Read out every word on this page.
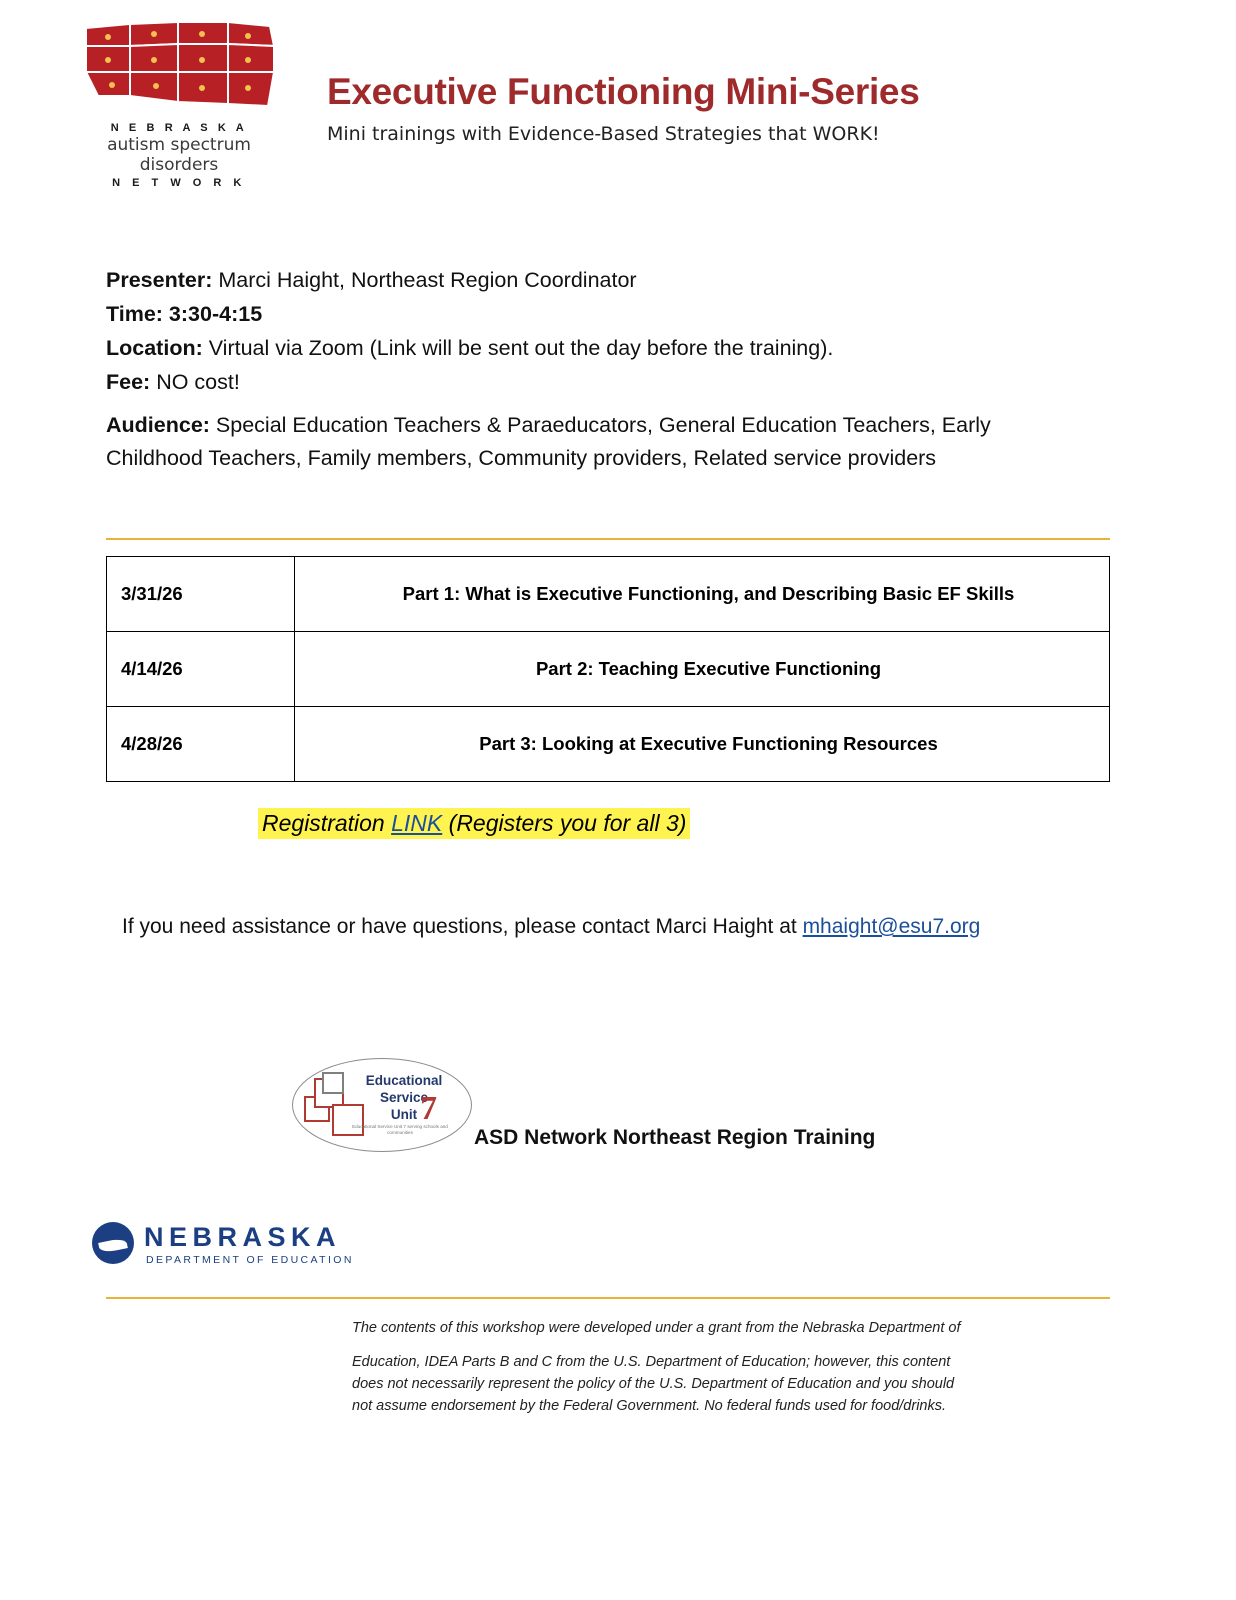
N E B R A S K A
autism spectrum disorders
N E T W O R K
Executive Functioning Mini-Series

Mini trainings with Evidence-Based Strategies that WORK!

Presenter: Marci Haight, Northeast Region Coordinator
Time: 3:30-4:15
Location: Virtual via Zoom (Link will be sent out the day before the training).
Fee: NO cost!
Audience: Special Education Teachers & Paraeducators, General Education Teachers, Early Childhood Teachers, Family members, Community providers, Related service providers
3/31/26	Part 1: What is Executive Functioning, and Describing Basic EF Skills
4/14/26	Part 2: Teaching Executive Functioning
4/28/26	Part 3: Looking at Executive Functioning Resources
Registration LINK (Registers you for all 3)
If you need assistance or have questions, please contact Marci Haight at mhaight@esu7.org
Educational
Service
Unit 7
Educational Service Unit 7 serving schools and communities	ASD Network Northeast Region Training
NEBRASKA
DEPARTMENT OF EDUCATION

The contents of this workshop were developed under a grant from the Nebraska Department of

Education, IDEA Parts B and C from the U.S. Department of Education; however, this content

does not necessarily represent the policy of the U.S. Department of Education and you should

not assume endorsement by the Federal Government. No federal funds used for food/drinks.
